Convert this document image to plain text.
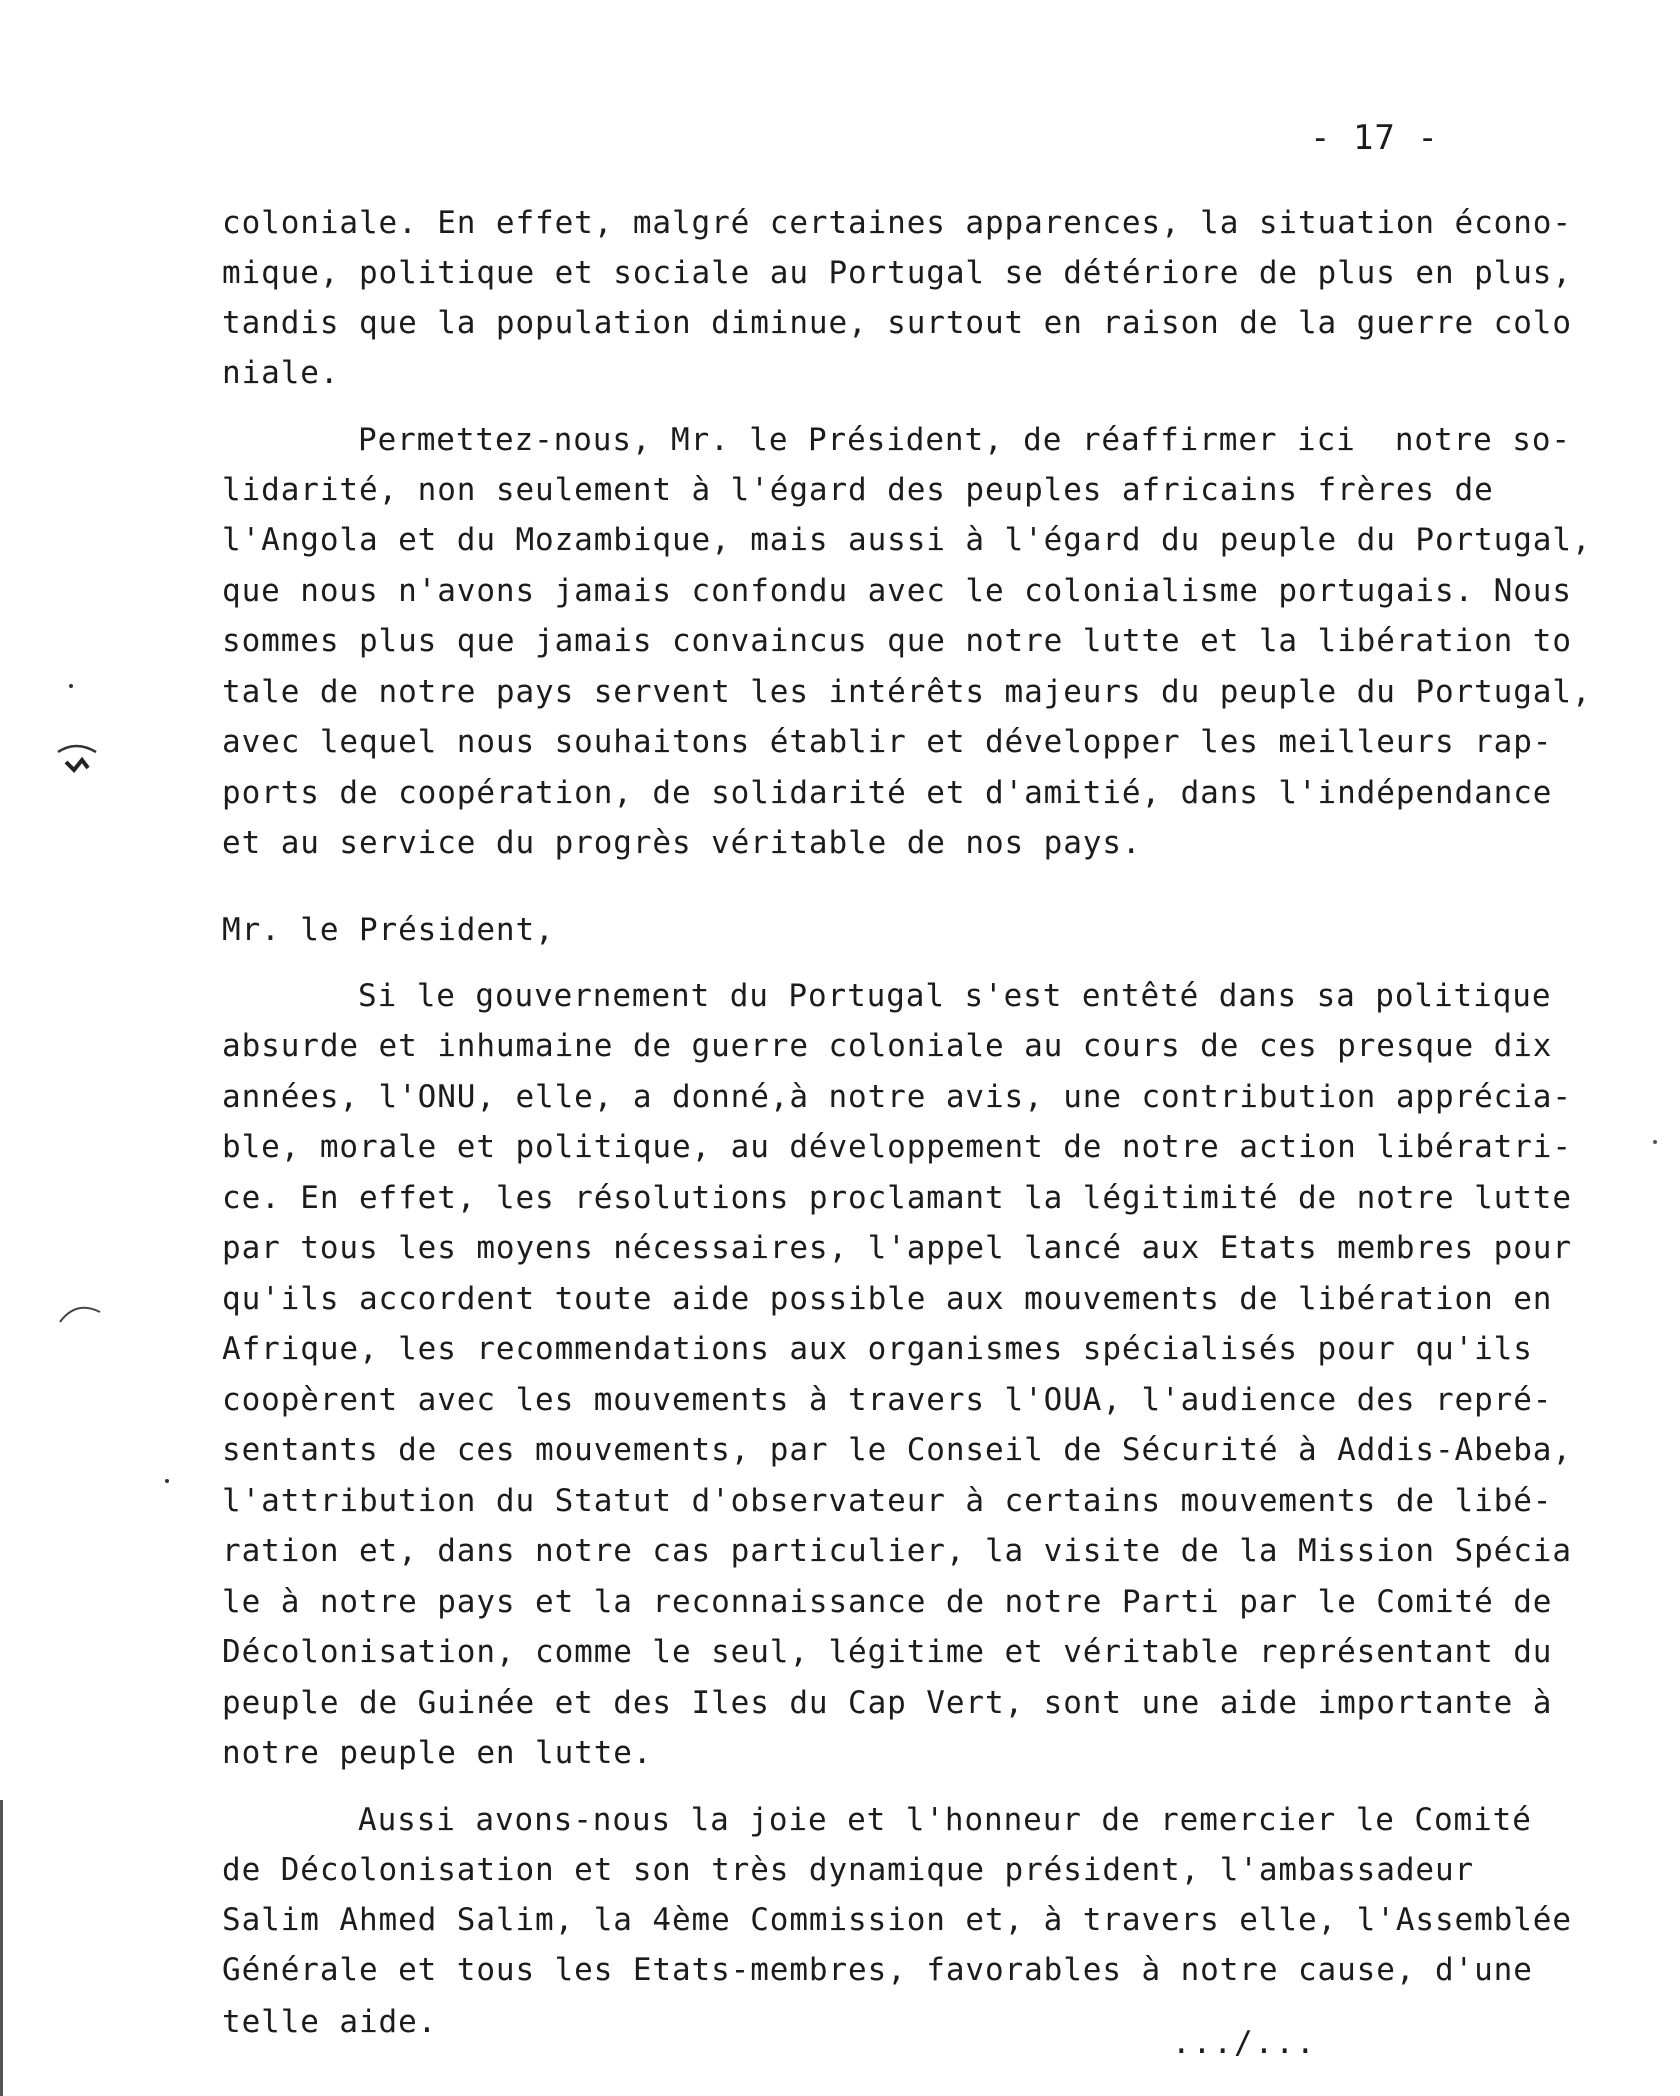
- 17 -
coloniale. En effet, malgré certaines apparences, la situation écono-
mique, politique et sociale au Portugal se détériore de plus en plus,
tandis que la population diminue, surtout en raison de la guerre colo
niale.
Permettez-nous, Mr. le Président, de réaffirmer ici  notre so-
lidarité, non seulement à l'égard des peuples africains frères de
l'Angola et du Mozambique, mais aussi à l'égard du peuple du Portugal,
que nous n'avons jamais confondu avec le colonialisme portugais. Nous
sommes plus que jamais convaincus que notre lutte et la libération to
tale de notre pays servent les intérêts majeurs du peuple du Portugal,
avec lequel nous souhaitons établir et développer les meilleurs rap-
ports de coopération, de solidarité et d'amitié, dans l'indépendance
et au service du progrès véritable de nos pays.
Mr. le Président,
Si le gouvernement du Portugal s'est entêté dans sa politique
absurde et inhumaine de guerre coloniale au cours de ces presque dix
années, l'ONU, elle, a donné,à notre avis, une contribution apprécia-
ble, morale et politique, au développement de notre action libératri-
ce. En effet, les résolutions proclamant la légitimité de notre lutte
par tous les moyens nécessaires, l'appel lancé aux Etats membres pour
qu'ils accordent toute aide possible aux mouvements de libération en
Afrique, les recommendations aux organismes spécialisés pour qu'ils
coopèrent avec les mouvements à travers l'OUA, l'audience des repré-
sentants de ces mouvements, par le Conseil de Sécurité à Addis-Abeba,
l'attribution du Statut d'observateur à certains mouvements de libé-
ration et, dans notre cas particulier, la visite de la Mission Spécia
le à notre pays et la reconnaissance de notre Parti par le Comité de
Décolonisation, comme le seul, légitime et véritable représentant du
peuple de Guinée et des Iles du Cap Vert, sont une aide importante à
notre peuple en lutte.
Aussi avons-nous la joie et l'honneur de remercier le Comité
de Décolonisation et son très dynamique président, l'ambassadeur
Salim Ahmed Salim, la 4ème Commission et, à travers elle, l'Assemblée
Générale et tous les Etats-membres, favorables à notre cause, d'une
telle aide.
.../...
